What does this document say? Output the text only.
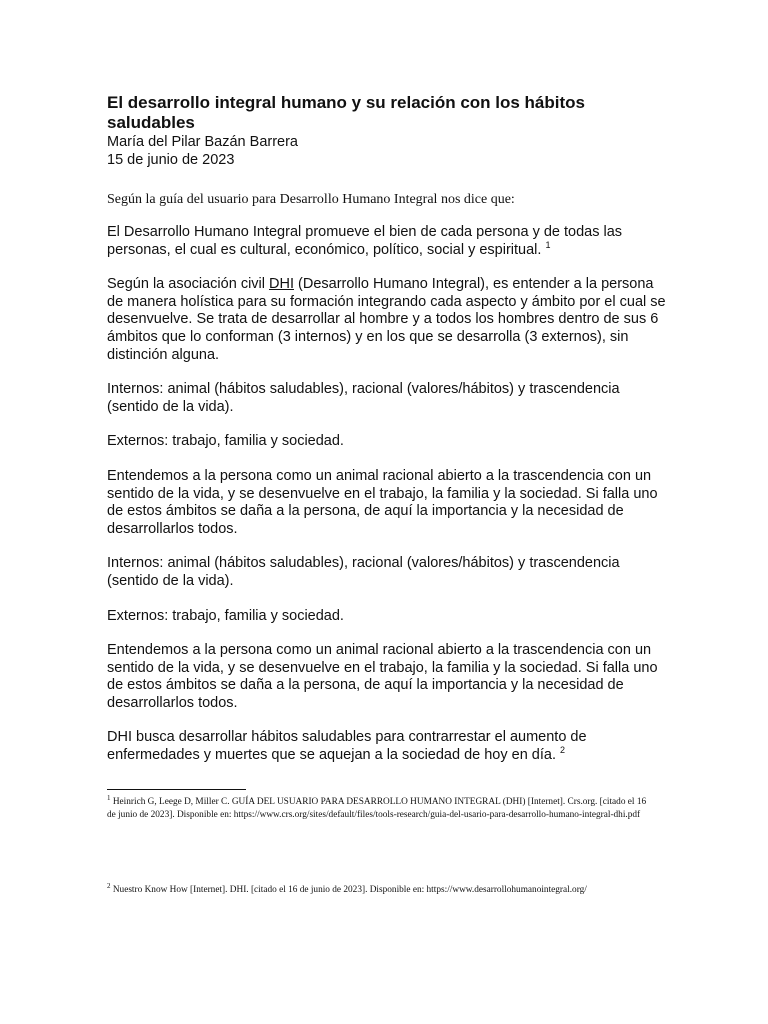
El desarrollo integral humano y su relación con los hábitos saludables
María del Pilar Bazán Barrera
15 de junio de 2023

Según la guía del usuario para Desarrollo Humano Integral nos dice que:

El Desarrollo Humano Integral promueve el bien de cada persona y de todas las personas, el cual es cultural, económico, político, social y espiritual. $^1$

Según la asociación civil DHI (Desarrollo Humano Integral), es entender a la persona de manera holística para su formación integrando cada aspecto y ámbito por el cual se desenvuelve. Se trata de desarrollar al hombre y a todos los hombres dentro de sus 6 ámbitos que lo conforman (3 internos) y en los que se desarrolla (3 externos), sin distinción alguna.

Internos: animal (hábitos saludables), racional (valores/hábitos) y trascendencia (sentido de la vida).

Externos: trabajo, familia y sociedad.

Entendemos a la persona como un animal racional abierto a la trascendencia con un sentido de la vida, y se desenvuelve en el trabajo, la familia y la sociedad. Si falla uno de estos ámbitos se daña a la persona, de aquí la importancia y la necesidad de desarrollarlos todos.

Internos: animal (hábitos saludables), racional (valores/hábitos) y trascendencia (sentido de la vida).

Externos: trabajo, familia y sociedad.

Entendemos a la persona como un animal racional abierto a la trascendencia con un sentido de la vida, y se desenvuelve en el trabajo, la familia y la sociedad. Si falla uno de estos ámbitos se daña a la persona, de aquí la importancia y la necesidad de desarrollarlos todos.

DHI busca desarrollar hábitos saludables para contrarrestar el aumento de enfermedades y muertes que se aquejan a la sociedad de hoy en día. $^2$

$^1$ Heinrich G, Leege D, Miller C. GUÍA DEL USUARIO PARA DESARROLLO HUMANO INTEGRAL (DHI) [Internet]. Crs.org. [citado el 16 de junio de 2023]. Disponible en: https://www.crs.org/sites/default/files/tools-research/guia-del-usario-para-desarrollo-humano-integral-dhi.pdf
$^2$ Nuestro Know How [Internet]. DHI. [citado el 16 de junio de 2023]. Disponible en: https://www.desarrollohumanointegral.org/
